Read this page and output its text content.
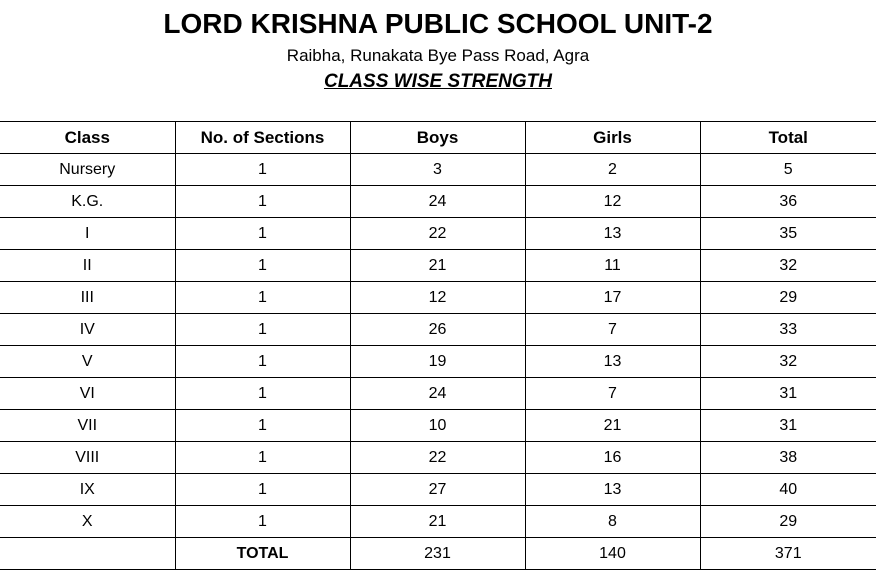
LORD KRISHNA PUBLIC SCHOOL UNIT-2
Raibha, Runakata Bye Pass Road, Agra
CLASS WISE STRENGTH
Class	No. of Sections	Boys	Girls	Total
Nursery	1	3	2	5
K.G.	1	24	12	36
I	1	22	13	35
II	1	21	11	32
III	1	12	17	29
IV	1	26	7	33
V	1	19	13	32
VI	1	24	7	31
VII	1	10	21	31
VIII	1	22	16	38
IX	1	27	13	40
X	1	21	8	29
	TOTAL	231	140	371
